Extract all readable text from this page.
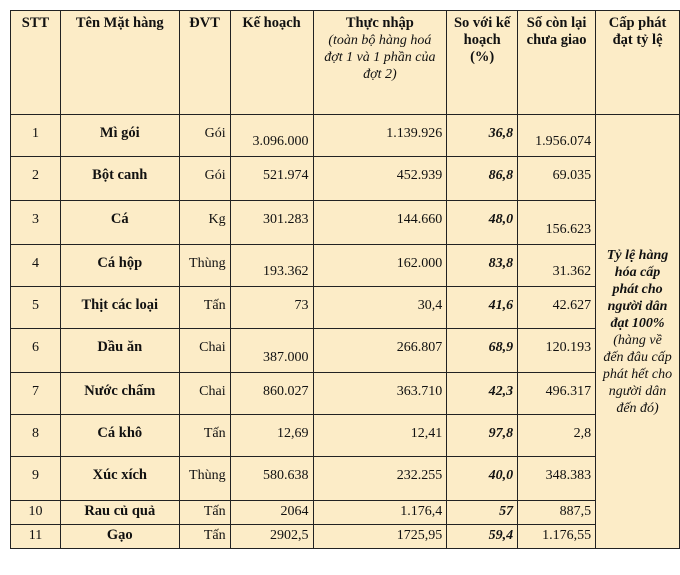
STT	Tên Mặt hàng	ĐVT	Kế hoạch	Thực nhập
(toàn bộ hàng hoá đợt 1 và 1 phần của đợt 2)	So với kế hoạch (%)	Số còn lại chưa giao	Cấp phát đạt tỷ lệ
1	Mì gói	Gói	3.096.000	1.139.926	36,8	1.956.074	Tỷ lệ hàng hóa cấp phát cho người dân đạt 100% (hàng về đến đâu cấp phát hết cho người dân đến đó)
2	Bột canh	Gói	521.974	452.939	86,8	69.035	
3	Cá	Kg	301.283	144.660	48,0	156.623	
4	Cá hộp	Thùng	193.362	162.000	83,8	31.362	
5	Thịt các loại	Tấn	73	30,4	41,6	42.627	
6	Dầu ăn	Chai	387.000	266.807	68,9	120.193	
7	Nước chấm	Chai	860.027	363.710	42,3	496.317	
8	Cá khô	Tấn	12,69	12,41	97,8	2,8	
9	Xúc xích	Thùng	580.638	232.255	40,0	348.383	
10	Rau củ quả	Tấn	2064	1.176,4	57	887,5	
11	Gạo	Tấn	2902,5	1725,95	59,4	1.176,55	
